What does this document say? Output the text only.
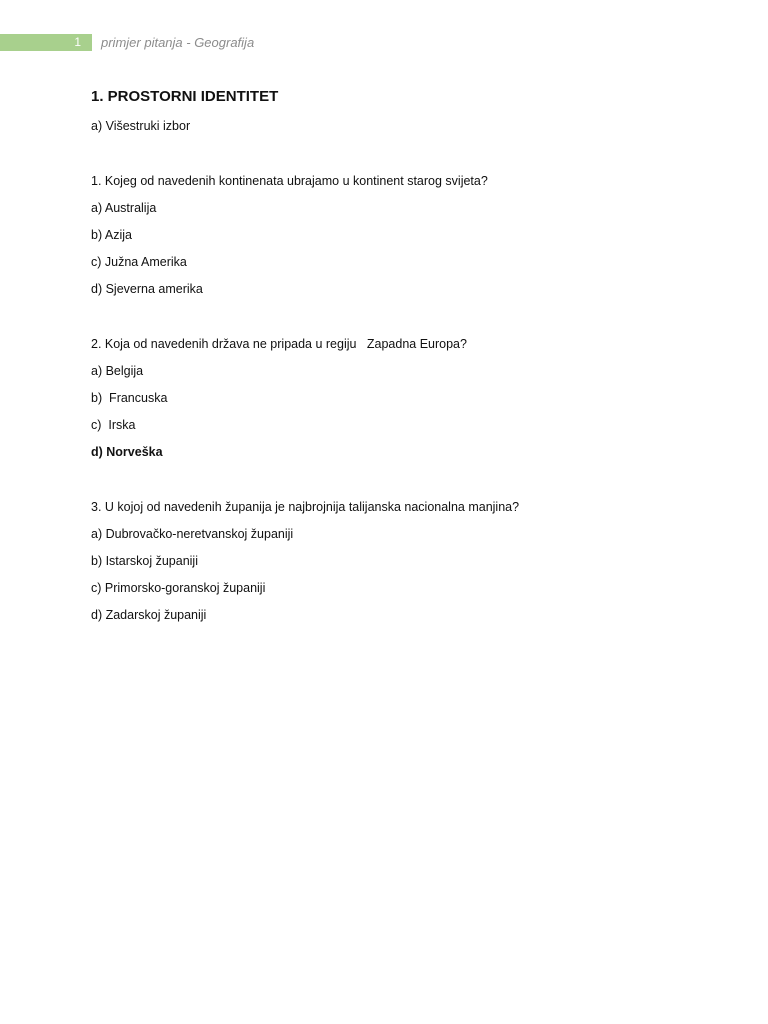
1 primjer pitanja - Geografija
1. PROSTORNI IDENTITET

a) Višestruki izbor

1. Kojeg od navedenih kontinenata ubrajamo u kontinent starog svijeta?

a) Australija

b) Azija

c) Južna Amerika

d) Sjeverna amerika

2. Koja od navedenih država ne pripada u regiju   Zapadna Europa?

a) Belgija

b)  Francuska

c)  Irska

d) Norveška

3. U kojoj od navedenih županija je najbrojnija talijanska nacionalna manjina?

a) Dubrovačko-neretvanskoj županiji

b) Istarskoj županiji

c) Primorsko-goranskoj županiji

d) Zadarskoj županiji
